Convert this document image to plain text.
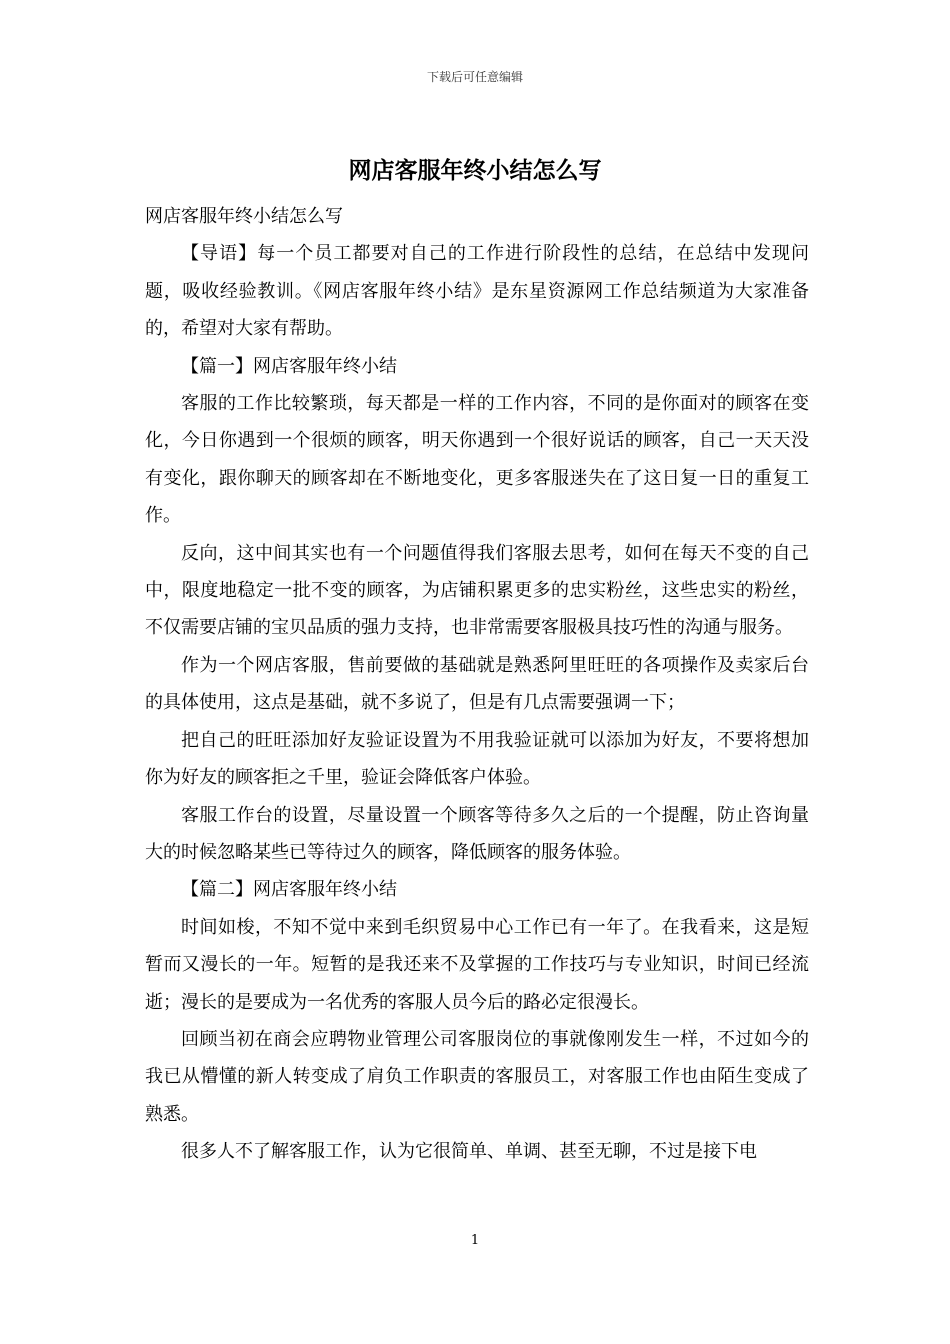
下载后可任意编辑
网店客服年终小结怎么写

网店客服年终小结怎么写

【导语】每一个员工都要对自己的工作进行阶段性的总结，在总结中发现问题，吸收经验教训。《网店客服年终小结》是东星资源网工作总结频道为大家准备的，希望对大家有帮助。

【篇一】网店客服年终小结

客服的工作比较繁琐，每天都是一样的工作内容，不同的是你面对的顾客在变化，今日你遇到一个很烦的顾客，明天你遇到一个很好说话的顾客，自己一天天没有变化，跟你聊天的顾客却在不断地变化，更多客服迷失在了这日复一日的重复工作。

反向，这中间其实也有一个问题值得我们客服去思考，如何在每天不变的自己中，限度地稳定一批不变的顾客，为店铺积累更多的忠实粉丝，这些忠实的粉丝，不仅需要店铺的宝贝品质的强力支持，也非常需要客服极具技巧性的沟通与服务。

作为一个网店客服，售前要做的基础就是熟悉阿里旺旺的各项操作及卖家后台的具体使用，这点是基础，就不多说了，但是有几点需要强调一下；

把自己的旺旺添加好友验证设置为不用我验证就可以添加为好友，不要将想加你为好友的顾客拒之千里，验证会降低客户体验。

客服工作台的设置，尽量设置一个顾客等待多久之后的一个提醒，防止咨询量大的时候忽略某些已等待过久的顾客，降低顾客的服务体验。

【篇二】网店客服年终小结

时间如梭，不知不觉中来到毛织贸易中心工作已有一年了。在我看来，这是短暂而又漫长的一年。短暂的是我还来不及掌握的工作技巧与专业知识，时间已经流逝；漫长的是要成为一名优秀的客服人员今后的路必定很漫长。

回顾当初在商会应聘物业管理公司客服岗位的事就像刚发生一样，不过如今的我已从懵懂的新人转变成了肩负工作职责的客服员工，对客服工作也由陌生变成了熟悉。

很多人不了解客服工作，认为它很简单、单调、甚至无聊，不过是接下电

1
